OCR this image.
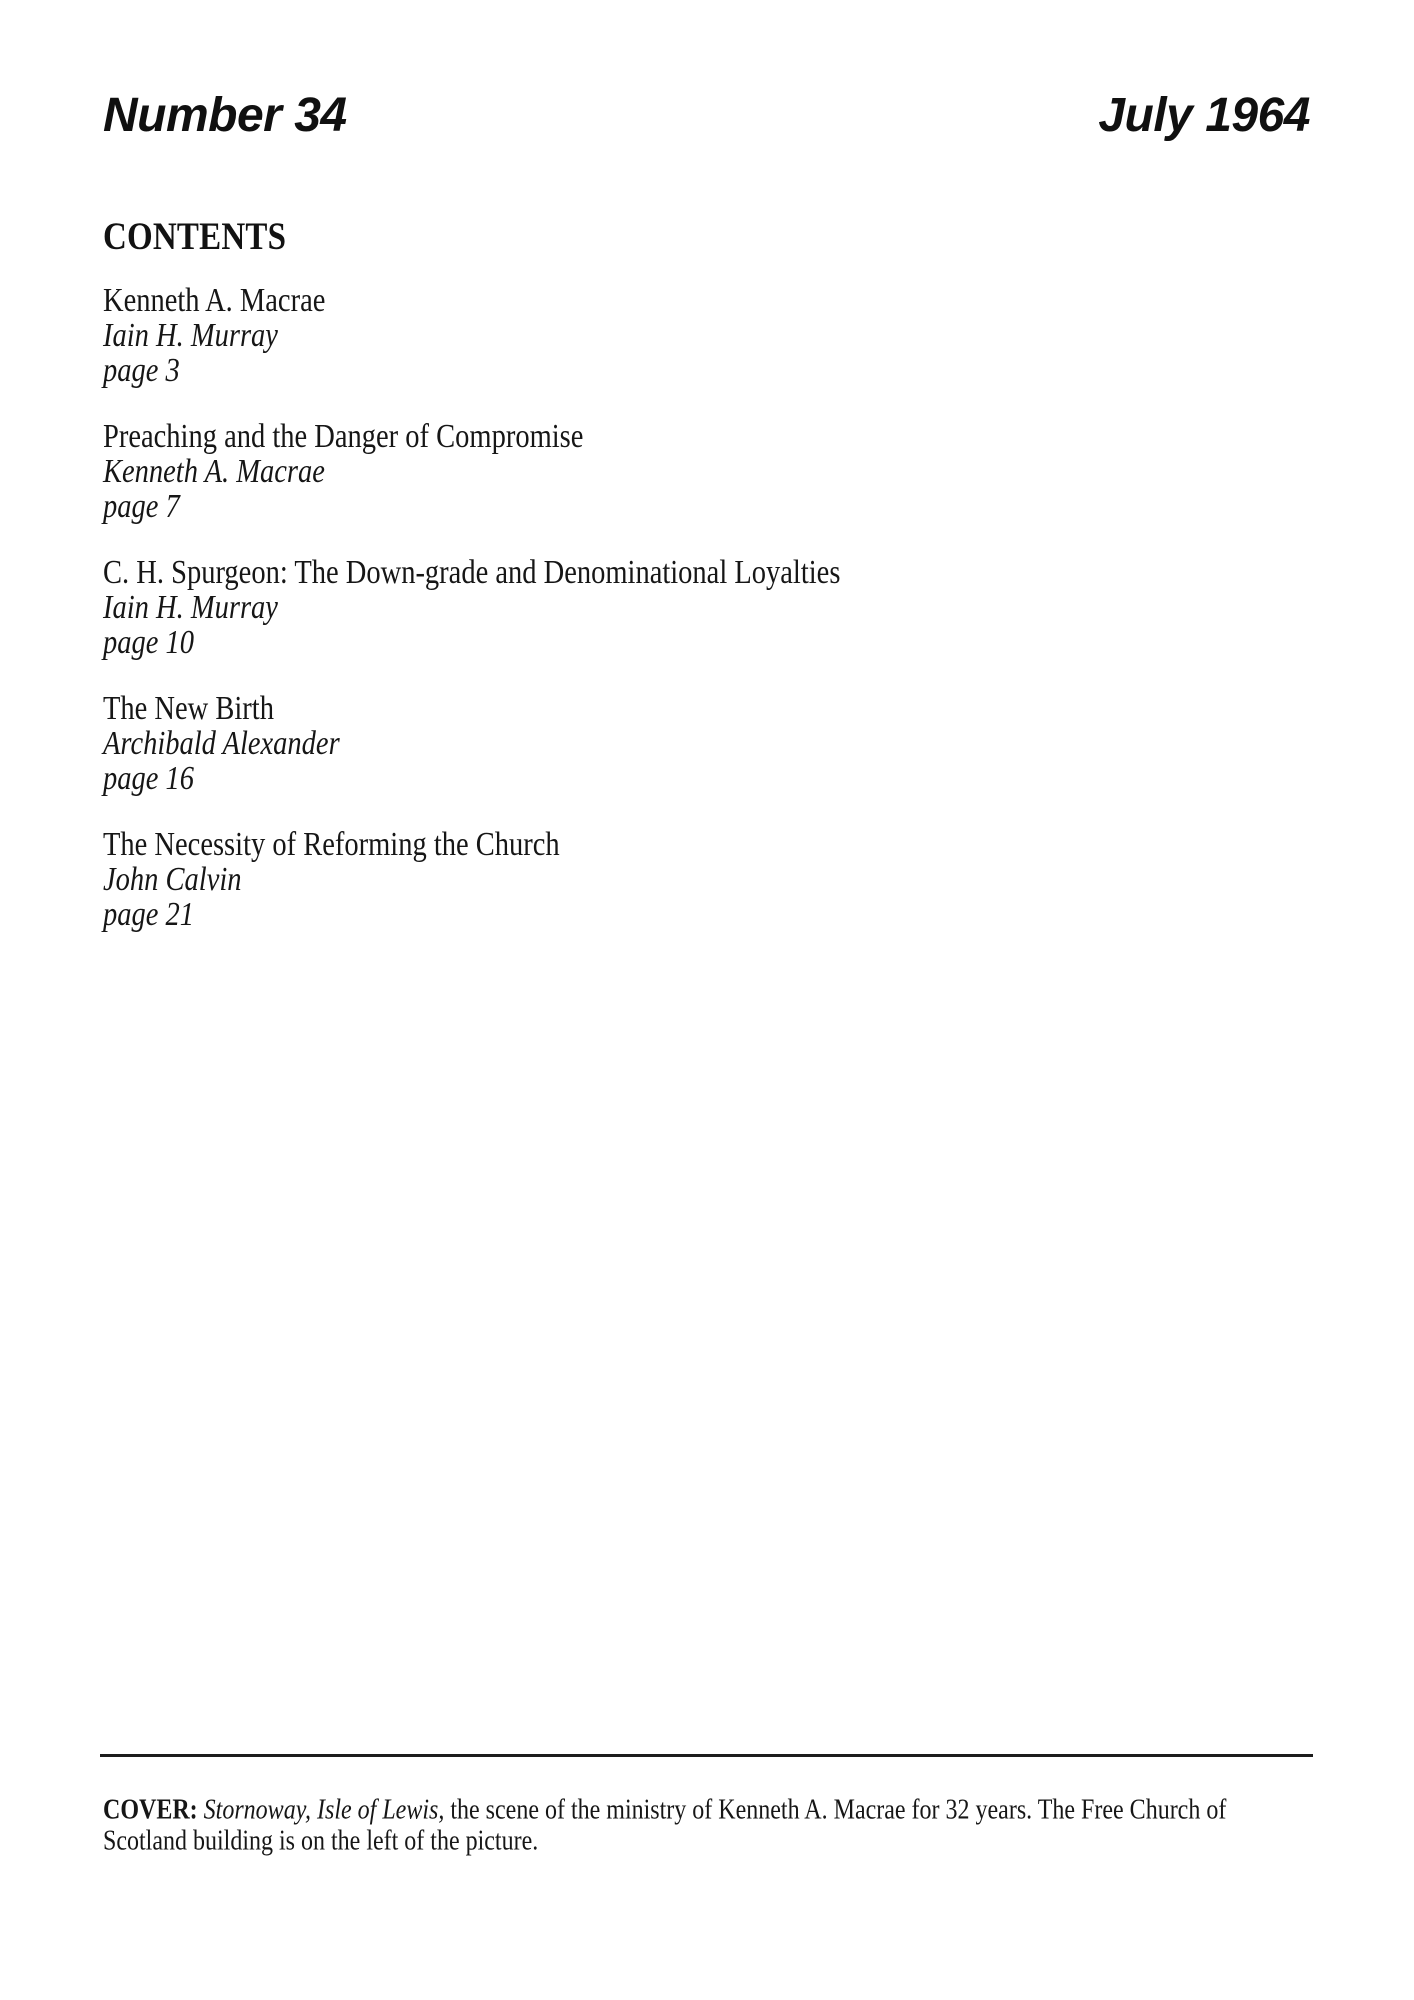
Number 34	July 1964
CONTENTS
Kenneth A. Macrae
Iain H. Murray
page 3
Preaching and the Danger of Compromise
Kenneth A. Macrae
page 7
C. H. Spurgeon: The Down-grade and Denominational Loyalties
Iain H. Murray
page 10
The New Birth
Archibald Alexander
page 16
The Necessity of Reforming the Church
John Calvin
page 21
COVER: Stornoway, Isle of Lewis, the scene of the ministry of Kenneth A. Macrae for 32 years. The Free Church of
Scotland building is on the left of the picture.
